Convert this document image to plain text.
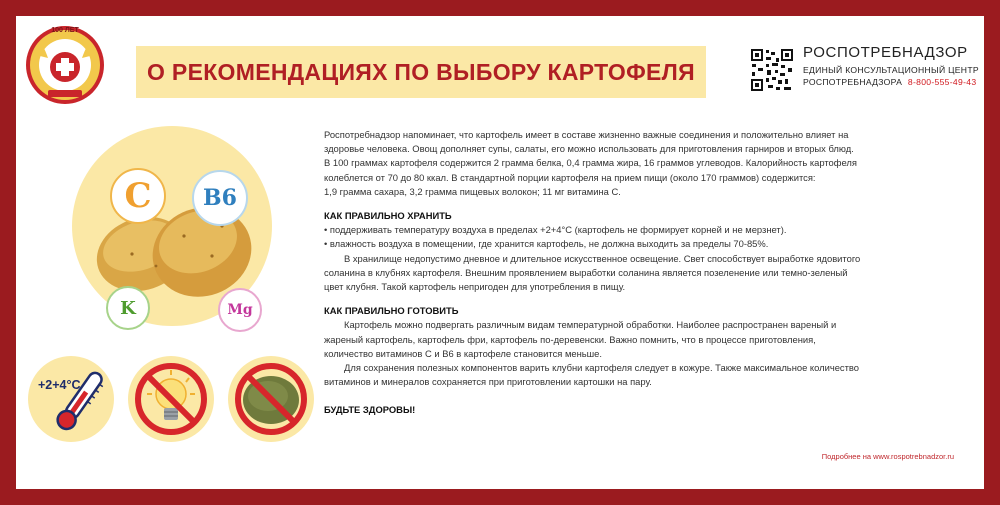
100 ЛЕТ
О РЕКОМЕНДАЦИЯХ ПО ВЫБОРУ КАРТОФЕЛЯ
РОСПОТРЕБНАДЗОР
ЕДИНЫЙ КОНСУЛЬТАЦИОННЫЙ ЦЕНТР
РОСПОТРЕБНАДЗОРА 8-800-555-49-43
C B6
K	Mg
+2+4°C

Роспотребнадзор напоминает, что картофель имеет в составе жизненно важные соединения и положительно влияет на

здоровье человека. Овощ дополняет супы, салаты, его можно использовать для приготовления гарниров и вторых блюд.

В 100 граммах картофеля содержится 2 грамма белка, 0,4 грамма жира, 16 граммов углеводов. Калорийность картофеля

колеблется от 70 до 80 ккал. В стандартной порции картофеля на прием пищи (около 170 граммов) содержится:

1,9 грамма сахара, 3,2 грамма пищевых волокон; 11 мг витамина С.

КАК ПРАВИЛЬНО ХРАНИТЬ

• поддерживать температуру воздуха в пределах +2+4°С (картофель не формирует корней и не мерзнет).

• влажность воздуха в помещении, где хранится картофель, не должна выходить за пределы 70-85%.

В хранилище недопустимо дневное и длительное искусственное освещение. Свет способствует выработке ядовитого

соланина в клубнях картофеля. Внешним проявлением выработки соланина является позеленение или темно-зеленый

цвет клубня. Такой картофель непригоден для употребления в пищу.

КАК ПРАВИЛЬНО ГОТОВИТЬ

Картофель можно подвергать различным видам температурной обработки. Наиболее распространен вареный и

жареный картофель, картофель фри, картофель по-деревенски. Важно помнить, что в процессе приготовления,

количество витаминов С и В6 в картофеле становится меньше.

Для сохранения полезных компонентов варить клубни картофеля следует в кожуре. Также максимальное количество

витаминов и минералов сохраняется при приготовлении картошки на пару.

БУДЬТЕ ЗДОРОВЫ!

Подробнее на www.rospotrebnadzor.ru
